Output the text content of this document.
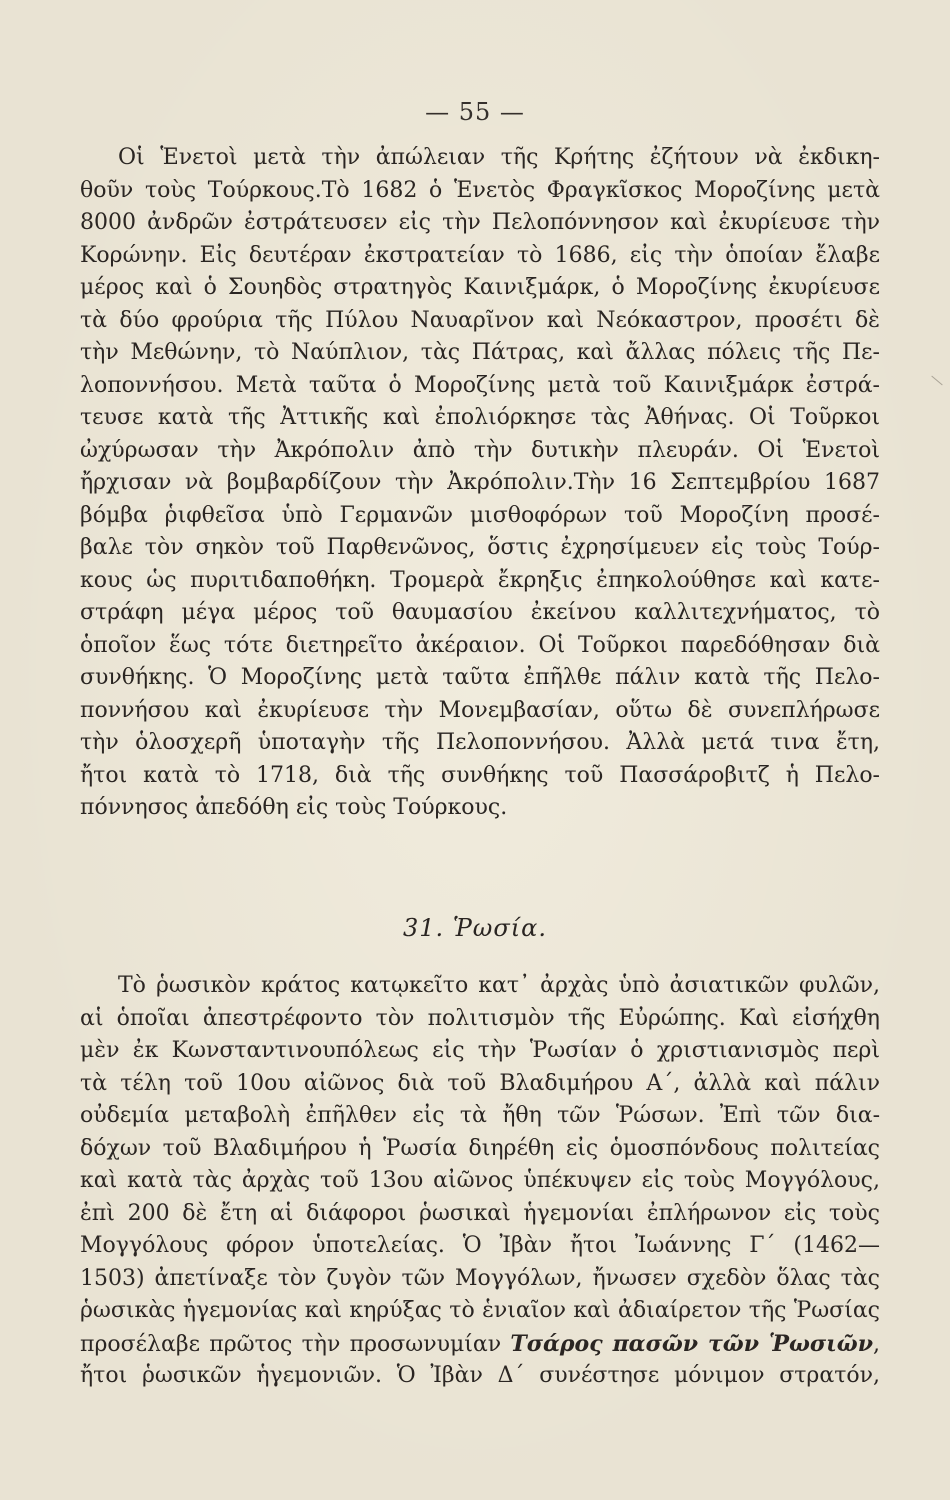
— 55 —
Οἱ Ἑνετοὶ μετὰ τὴν ἀπώλειαν τῆς Κρήτης ἐζήτουν νὰ ἐκδικη-
θοῦν τοὺς Τούρκους.Τὸ 1682 ὁ Ἑνετὸς Φραγκῖσκος Μοροζίνης μετὰ
8000 ἀνδρῶν ἐστράτευσεν εἰς τὴν Πελοπόννησον καὶ ἐκυρίευσε τὴν
Κορώνην. Εἰς δευτέραν ἐκστρατείαν τὸ 1686, εἰς τὴν ὁποίαν ἔλαβε
μέρος καὶ ὁ Σουηδὸς στρατηγὸς Καινιξμάρκ, ὁ Μοροζίνης ἐκυρίευσε
τὰ δύο φρούρια τῆς Πύλου Ναυαρῖνον καὶ Νεόκαστρον, προσέτι δὲ
τὴν Μεθώνην, τὸ Ναύπλιον, τὰς Πάτρας, καὶ ἄλλας πόλεις τῆς Πε-
λοποννήσου. Μετὰ ταῦτα ὁ Μοροζίνης μετὰ τοῦ Καινιξμάρκ ἐστρά-
τευσε κατὰ τῆς Ἀττικῆς καὶ ἐπολιόρκησε τὰς Ἀθήνας. Οἱ Τοῦρκοι
ὠχύρωσαν τὴν Ἀκρόπολιν ἀπὸ τὴν δυτικὴν πλευράν. Οἱ Ἑνετοὶ
ἤρχισαν νὰ βομβαρδίζουν τὴν Ἀκρόπολιν.Τὴν 16 Σεπτεμβρίου 1687
βόμβα ῥιφθεῖσα ὑπὸ Γερμανῶν μισθοφόρων τοῦ Μοροζίνη προσέ-
βαλε τὸν σηκὸν τοῦ Παρθενῶνος, ὅστις ἐχρησίμευεν εἰς τοὺς Τούρ-
κους ὡς πυριτιδαποθήκη. Τρομερὰ ἔκρηξις ἐπηκολούθησε καὶ κατε-
στράφη μέγα μέρος τοῦ θαυμασίου ἐκείνου καλλιτεχνήματος, τὸ
ὁποῖον ἕως τότε διετηρεῖτο ἀκέραιον. Οἱ Τοῦρκοι παρεδόθησαν διὰ
συνθήκης. Ὁ Μοροζίνης μετὰ ταῦτα ἐπῆλθε πάλιν κατὰ τῆς Πελο-
ποννήσου καὶ ἐκυρίευσε τὴν Μονεμβασίαν, οὕτω δὲ συνεπλήρωσε
τὴν ὁλοσχερῆ ὑποταγὴν τῆς Πελοποννήσου. Ἀλλὰ μετά τινα ἔτη,
ἤτοι κατὰ τὸ 1718, διὰ τῆς συνθήκης τοῦ Πασσάροβιτζ ἡ Πελο-
πόννησος ἀπεδόθη εἰς τοὺς Τούρκους.
31. Ῥωσία.
Τὸ ῥωσικὸν κράτος κατῳκεῖτο κατ᾽ ἀρχὰς ὑπὸ ἀσιατικῶν φυλῶν,
αἱ ὁποῖαι ἀπεστρέφοντο τὸν πολιτισμὸν τῆς Εὐρώπης. Καὶ εἰσήχθη
μὲν ἐκ Κωνσταντινουπόλεως εἰς τὴν Ῥωσίαν ὁ χριστιανισμὸς περὶ
τὰ τέλη τοῦ 10ου αἰῶνος διὰ τοῦ Βλαδιμήρου Α΄, ἀλλὰ καὶ πάλιν
οὐδεμία μεταβολὴ ἐπῆλθεν εἰς τὰ ἤθη τῶν Ῥώσων. Ἐπὶ τῶν δια-
δόχων τοῦ Βλαδιμήρου ἡ Ῥωσία διηρέθη εἰς ὁμοσπόνδους πολιτείας
καὶ κατὰ τὰς ἀρχὰς τοῦ 13ου αἰῶνος ὑπέκυψεν εἰς τοὺς Μογγόλους,
ἐπὶ 200 δὲ ἔτη αἱ διάφοροι ῥωσικαὶ ἡγεμονίαι ἐπλήρωνον εἰς τοὺς
Μογγόλους φόρον ὑποτελείας. Ὁ Ἰβὰν ἤτοι Ἰωάννης Γ΄ (1462—
1503) ἀπετίναξε τὸν ζυγὸν τῶν Μογγόλων, ἤνωσεν σχεδὸν ὅλας τὰς
ῥωσικὰς ἡγεμονίας καὶ κηρύξας τὸ ἑνιαῖον καὶ ἀδιαίρετον τῆς Ῥωσίας
προσέλαβε πρῶτος τὴν προσωνυμίαν Τσάρος πασῶν τῶν Ῥωσιῶν,
ἤτοι ῥωσικῶν ἡγεμονιῶν. Ὁ Ἰβὰν Δ΄ συνέστησε μόνιμον στρατόν,
